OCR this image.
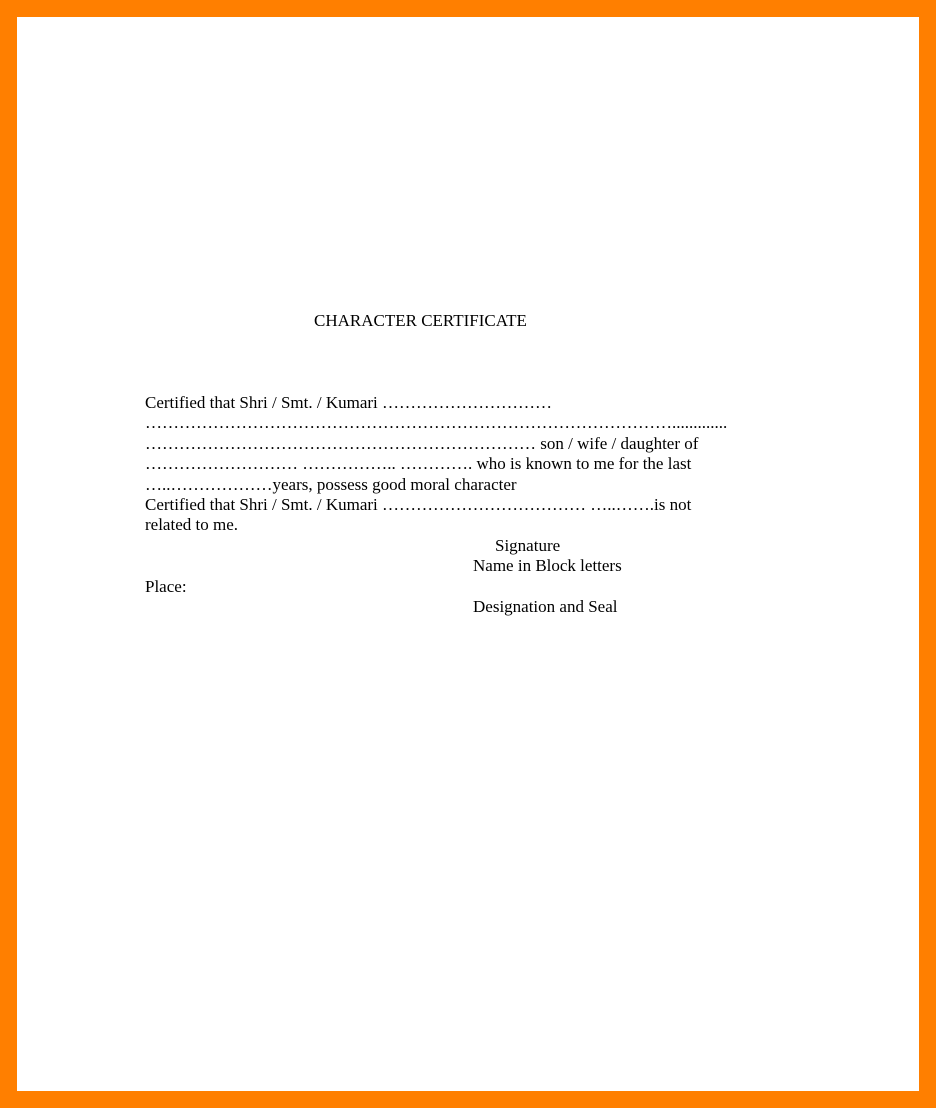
CHARACTER CERTIFICATE
Certified that Shri / Smt. / Kumari …………………………
………………………………………………………………………………….............
…………………………………………………………… son / wife / daughter of
……………………… …………….. …………. who is known to me for the last
…..………………years, possess good moral character
Certified that Shri / Smt. / Kumari ……………………………… …..…….is not
related to me.
Signature
Name in Block letters
Place:
Designation and Seal
